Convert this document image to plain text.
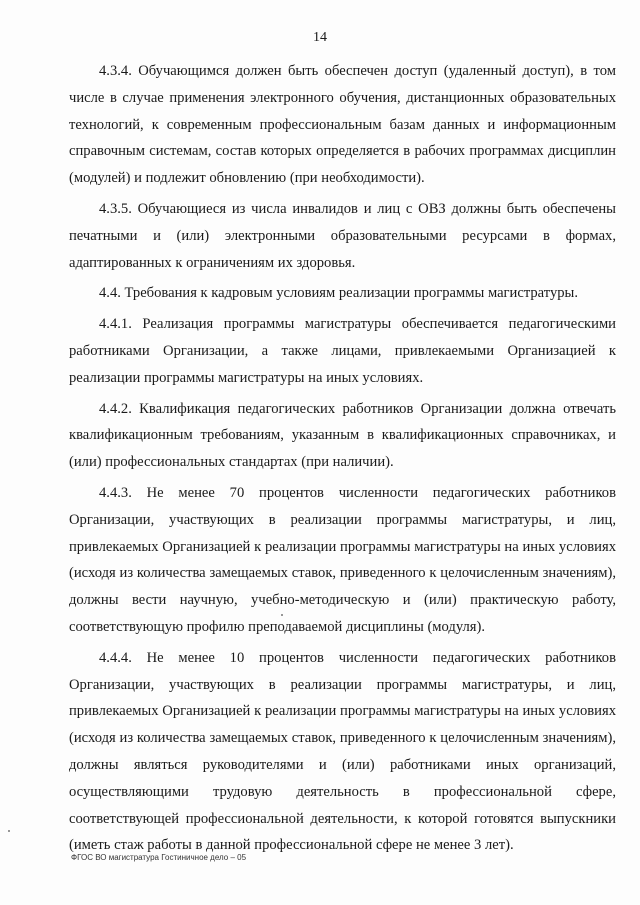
14

4.3.4. Обучающимся должен быть обеспечен доступ (удаленный доступ), в том числе в случае применения электронного обучения, дистанционных образовательных технологий, к современным профессиональным базам данных и информационным справочным системам, состав которых определяется в рабочих программах дисциплин (модулей) и подлежит обновлению (при необходимости).

4.3.5. Обучающиеся из числа инвалидов и лиц с ОВЗ должны быть обеспечены печатными и (или) электронными образовательными ресурсами в формах, адаптированных к ограничениям их здоровья.

4.4. Требования к кадровым условиям реализации программы магистратуры.

4.4.1. Реализация программы магистратуры обеспечивается педагогическими работниками Организации, а также лицами, привлекаемыми Организацией к реализации программы магистратуры на иных условиях.

4.4.2. Квалификация педагогических работников Организации должна отвечать квалификационным требованиям, указанным в квалификационных справочниках, и (или) профессиональных стандартах (при наличии).

4.4.3. Не менее 70 процентов численности педагогических работников Организации, участвующих в реализации программы магистратуры, и лиц, привлекаемых Организацией к реализации программы магистратуры на иных условиях (исходя из количества замещаемых ставок, приведенного к целочисленным значениям), должны вести научную, учебно-методическую и (или) практическую работу, соответствующую профилю преподаваемой дисциплины (модуля).

4.4.4. Не менее 10 процентов численности педагогических работников Организации, участвующих в реализации программы магистратуры, и лиц, привлекаемых Организацией к реализации программы магистратуры на иных условиях (исходя из количества замещаемых ставок, приведенного к целочисленным значениям), должны являться руководителями и (или) работниками иных организаций, осуществляющими трудовую деятельность в профессиональной сфере, соответствующей профессиональной деятельности, к которой готовятся выпускники (иметь стаж работы в данной профессиональной сфере не менее 3 лет).

ФГОС ВО магистратура Гостиничное дело – 05
